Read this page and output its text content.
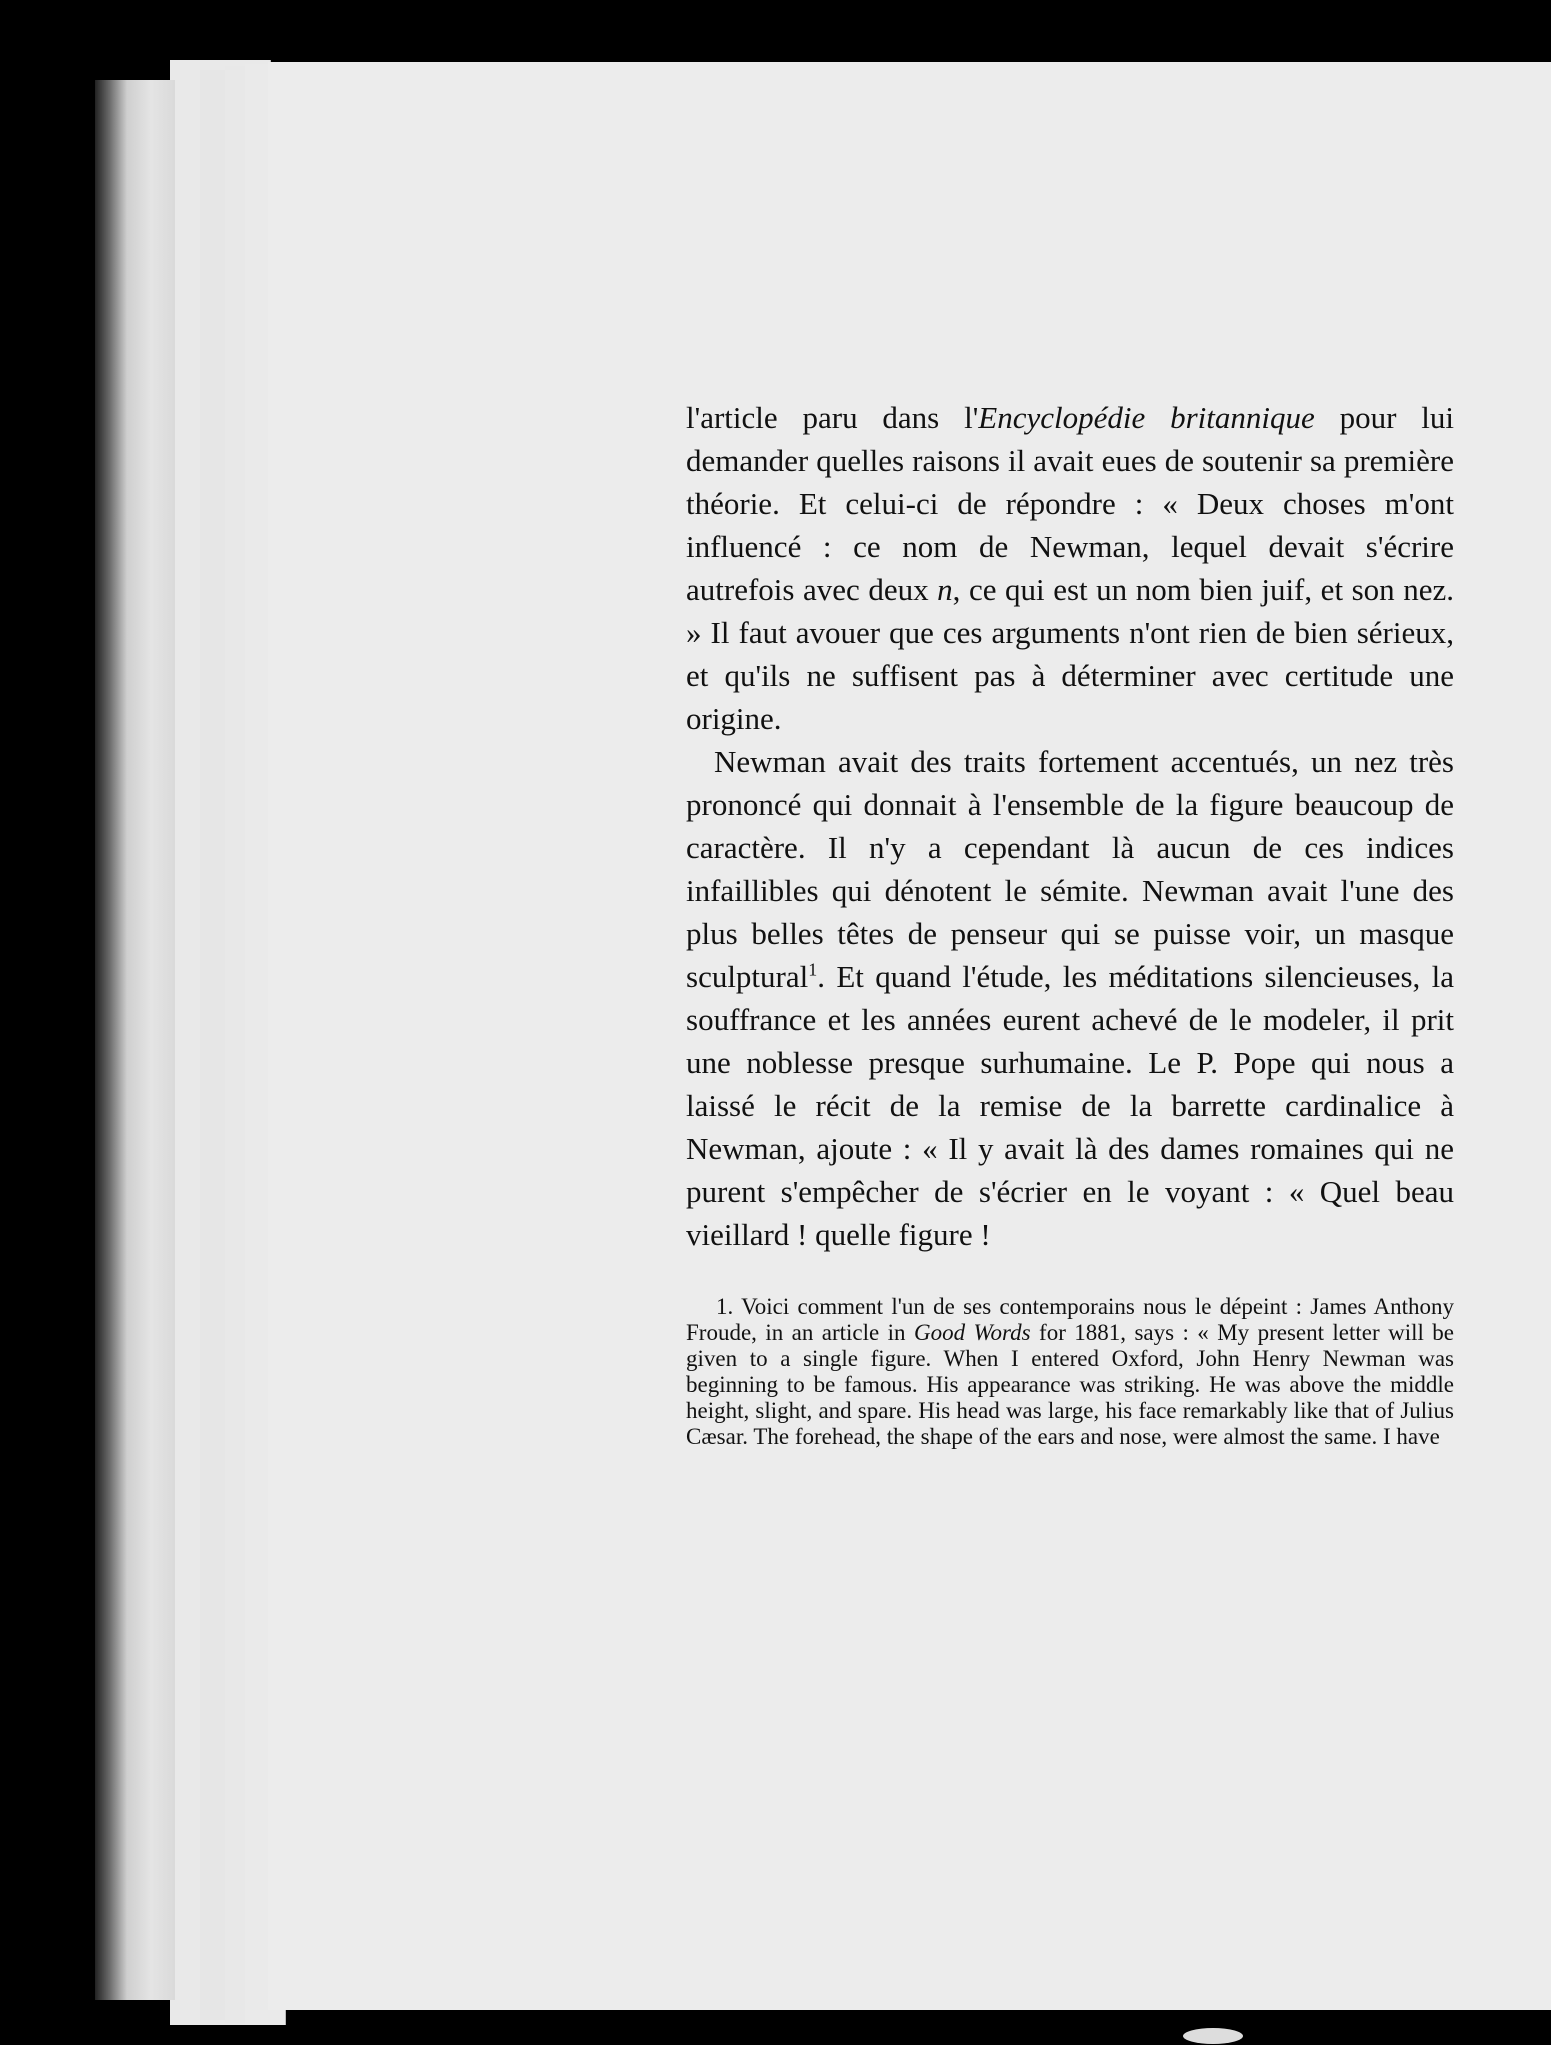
l'article paru dans l'Encyclopédie britannique pour lui demander quelles raisons il avait eues de soutenir sa première théorie. Et celui-ci de répondre : « Deux choses m'ont influencé : ce nom de Newman, lequel devait s'écrire autrefois avec deux n, ce qui est un nom bien juif, et son nez. » Il faut avouer que ces arguments n'ont rien de bien sérieux, et qu'ils ne suffisent pas à déterminer avec certitude une origine.

Newman avait des traits fortement accentués, un nez très prononcé qui donnait à l'ensemble de la figure beaucoup de caractère. Il n'y a cependant là aucun de ces indices infaillibles qui dénotent le sémite. Newman avait l'une des plus belles têtes de penseur qui se puisse voir, un masque sculptural$^1$. Et quand l'étude, les méditations silencieuses, la souffrance et les années eurent achevé de le modeler, il prit une noblesse presque surhumaine. Le P. Pope qui nous a laissé le récit de la remise de la barrette cardinalice à Newman, ajoute : « Il y avait là des dames romaines qui ne purent s'empêcher de s'écrier en le voyant : « Quel beau vieillard ! quelle figure !

1. Voici comment l'un de ses contemporains nous le dépeint : James Anthony Froude, in an article in Good Words for 1881, says : « My present letter will be given to a single figure. When I entered Oxford, John Henry Newman was beginning to be famous. His appearance was striking. He was above the middle height, slight, and spare. His head was large, his face remarkably like that of Julius Cæsar. The forehead, the shape of the ears and nose, were almost the same. I have
